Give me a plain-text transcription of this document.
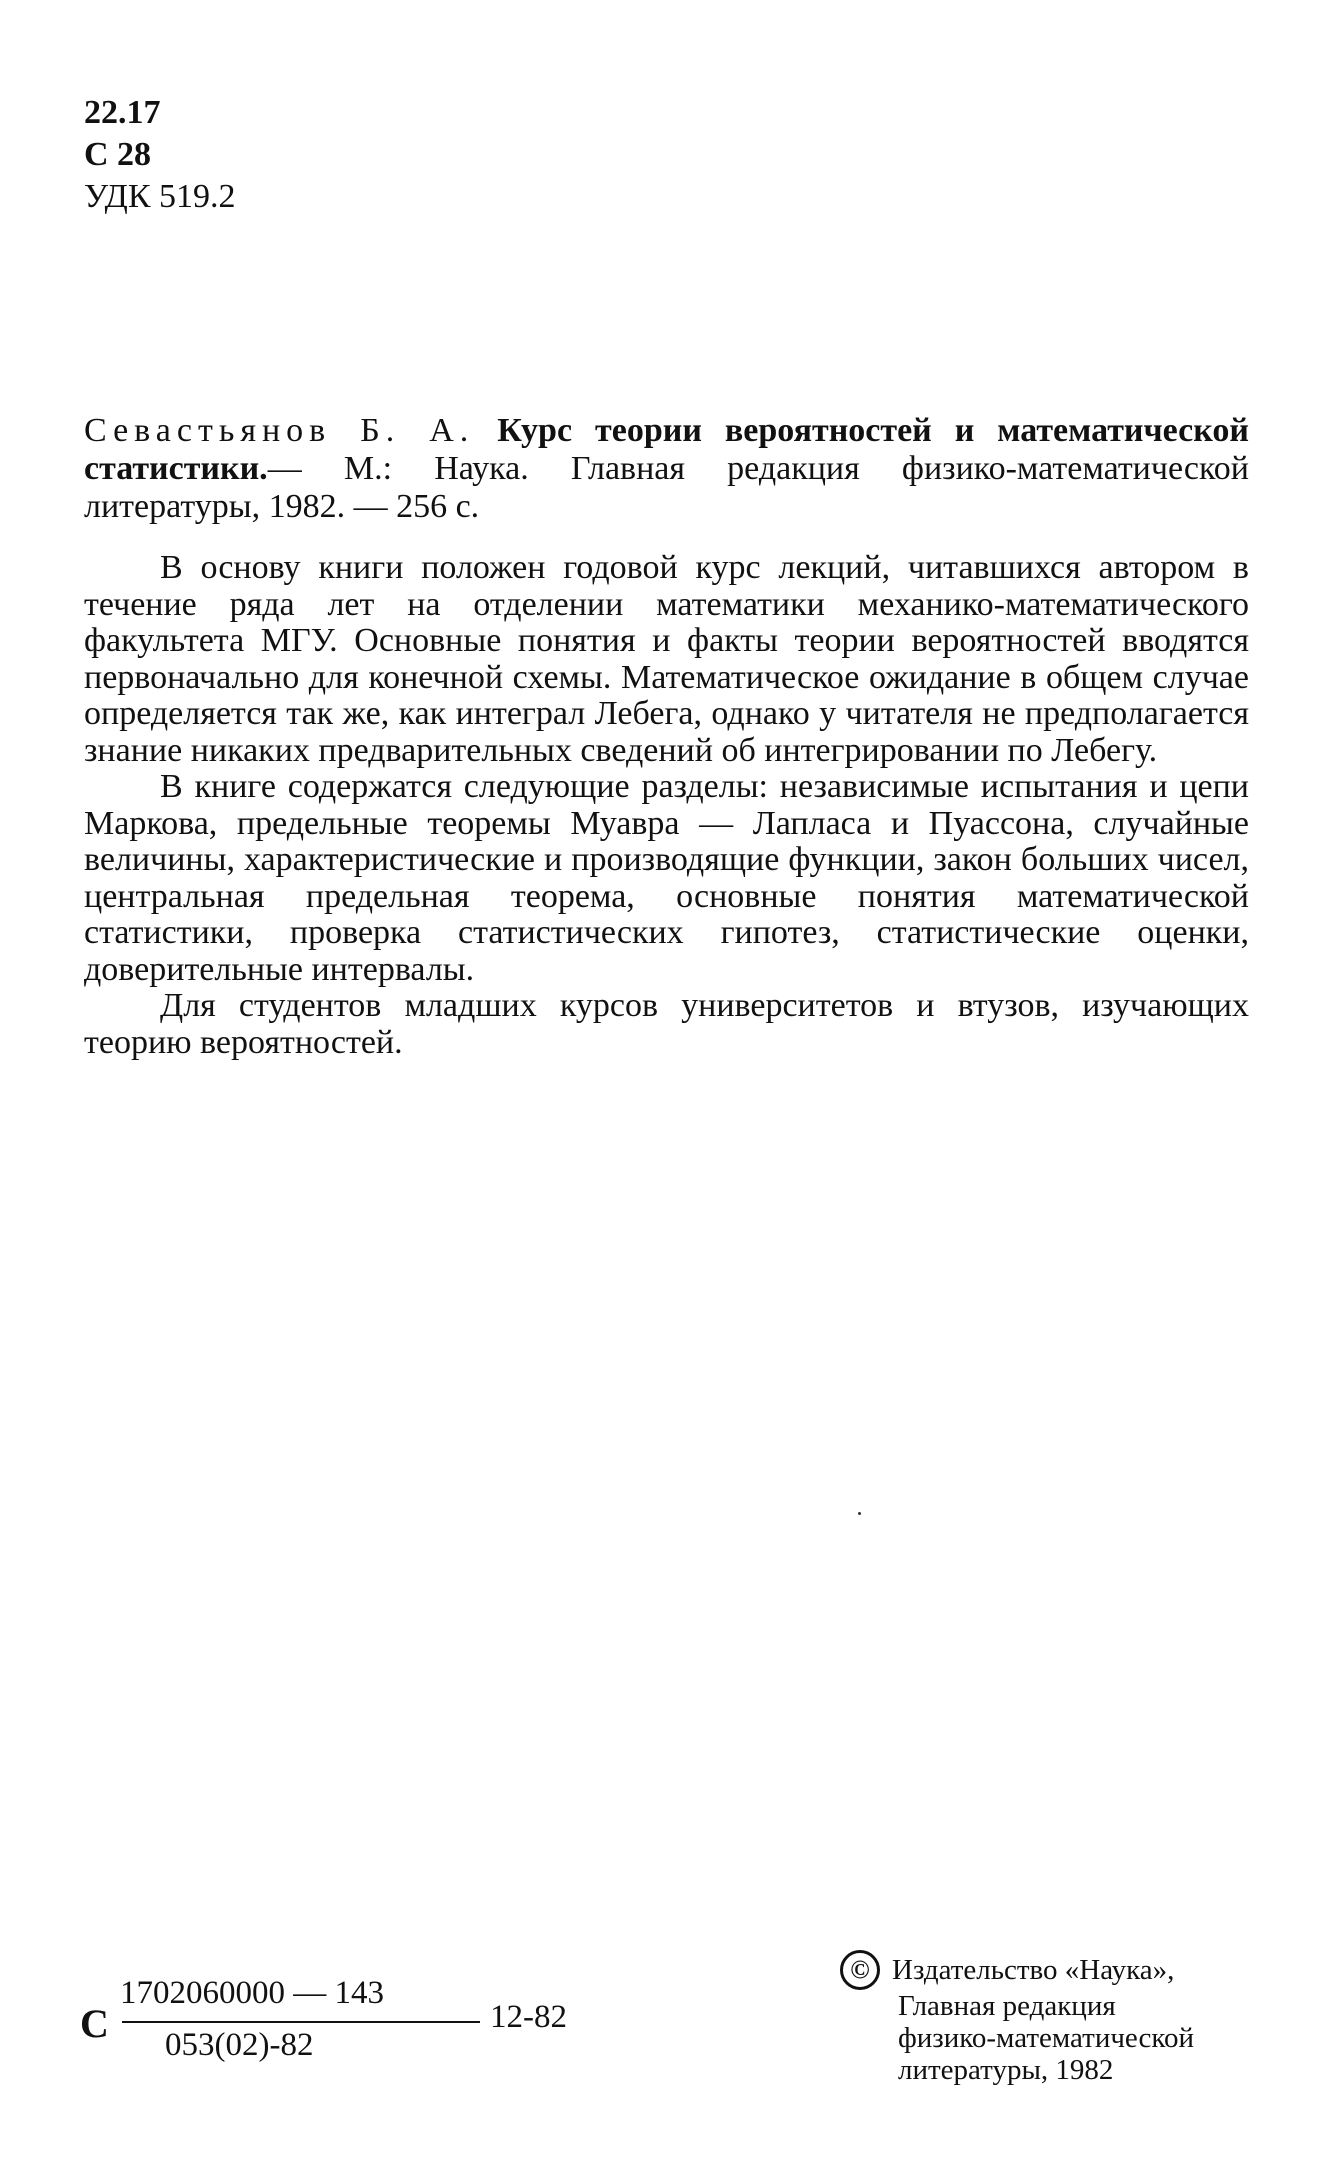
22.17
С 28
УДК 519.2
Севастьянов Б. А. Курс теории вероятностей и математической статистики.— М.: Наука. Главная редакция физико-математической литературы, 1982. — 256 с.

В основу книги положен годовой курс лекций, читавшихся автором в течение ряда лет на отделении математики механико-математического факультета МГУ. Основные понятия и факты теории вероятностей вводятся первоначально для конечной схемы. Математическое ожидание в общем случае определяется так же, как интеграл Лебега, однако у читателя не предполагается знание никаких предварительных сведений об интегрировании по Лебегу.

В книге содержатся следующие разделы: независимые испытания и цепи Маркова, предельные теоремы Муавра — Лапласа и Пуассона, случайные величины, характеристические и производящие функции, закон больших чисел, центральная предельная теорема, основные понятия математической статистики, проверка статистических гипотез, статистические оценки, доверительные интервалы.

Для студентов младших курсов университетов и втузов, изучающих теорию вероятностей.

С
1702060000 — 143
053(02)-82
12-82
© Издательство «Наука»,
Главная редакция
физико-математической
литературы, 1982
